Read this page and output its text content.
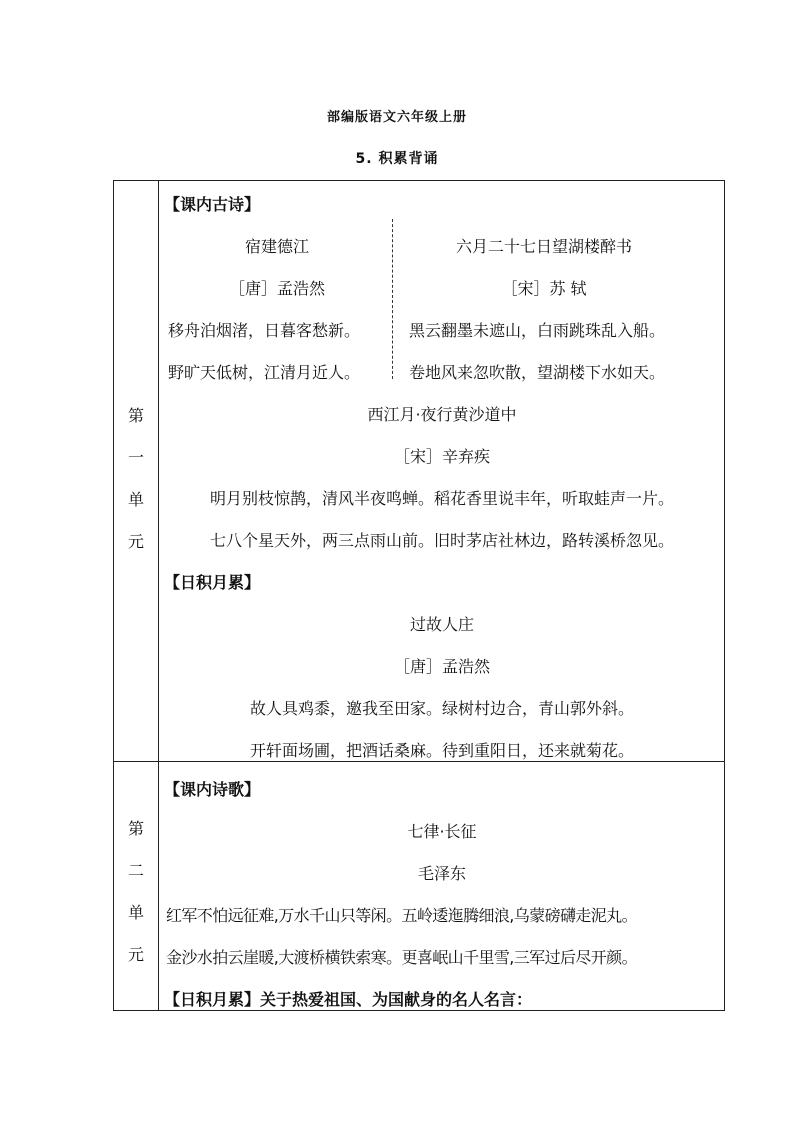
部编版语文六年级上册
5. 积累背诵
第
一
单
元
【课内古诗】
宿建德江
［唐］孟浩然
移舟泊烟渚，日暮客愁新。
野旷天低树，江清月近人。
六月二十七日望湖楼醉书
［宋］苏 轼
黑云翻墨未遮山，白雨跳珠乱入船。
卷地风来忽吹散，望湖楼下水如天。
西江月·夜行黄沙道中
［宋］辛弃疾
明月别枝惊鹊，清风半夜鸣蝉。稻花香里说丰年，听取蛙声一片。
七八个星天外，两三点雨山前。旧时茅店社林边，路转溪桥忽见。
【日积月累】
过故人庄
［唐］孟浩然
故人具鸡黍，邀我至田家。绿树村边合，青山郭外斜。
开轩面场圃，把酒话桑麻。待到重阳日，还来就菊花。
第
二
单
元
【课内诗歌】
七律·长征
毛泽东
红军不怕远征难,万水千山只等闲。五岭逶迤腾细浪,乌蒙磅礴走泥丸。
金沙水拍云崖暖,大渡桥横铁索寒。更喜岷山千里雪,三军过后尽开颜。
【日积月累】关于热爱祖国、为国献身的名人名言：
